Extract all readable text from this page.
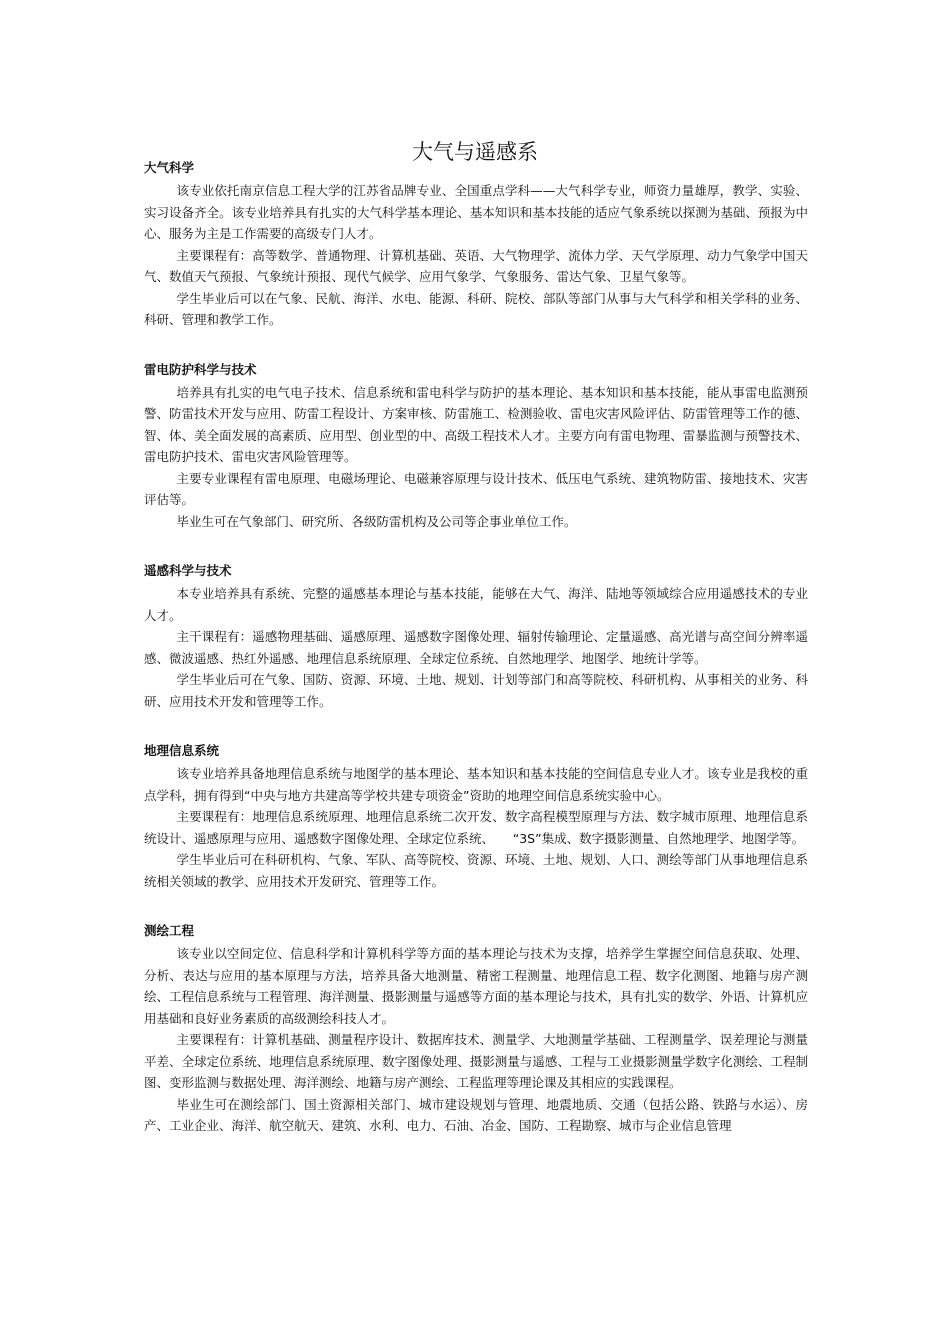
大气与遥感系
大气科学

该专业依托南京信息工程大学的江苏省品牌专业、全国重点学科——大气科学专业，师资力量雄厚，教学、实验、实习设备齐全。该专业培养具有扎实的大气科学基本理论、基本知识和基本技能的适应气象系统以探测为基础、预报为中心、服务为主是工作需要的高级专门人才。

主要课程有：高等数学、普通物理、计算机基础、英语、大气物理学、流体力学、天气学原理、动力气象学中国天气、数值天气预报、气象统计预报、现代气候学、应用气象学、气象服务、雷达气象、卫星气象等。

学生毕业后可以在气象、民航、海洋、水电、能源、科研、院校、部队等部门从事与大气科学和相关学科的业务、科研、管理和教学工作。

雷电防护科学与技术

培养具有扎实的电气电子技术、信息系统和雷电科学与防护的基本理论、基本知识和基本技能，能从事雷电监测预警、防雷技术开发与应用、防雷工程设计、方案审核、防雷施工、检测验收、雷电灾害风险评估、防雷管理等工作的德、智、体、美全面发展的高素质、应用型、创业型的中、高级工程技术人才。主要方向有雷电物理、雷暴监测与预警技术、雷电防护技术、雷电灾害风险管理等。

主要专业课程有雷电原理、电磁场理论、电磁兼容原理与设计技术、低压电气系统、建筑物防雷、接地技术、灾害评估等。

毕业生可在气象部门、研究所、各级防雷机构及公司等企事业单位工作。

遥感科学与技术

本专业培养具有系统、完整的遥感基本理论与基本技能，能够在大气、海洋、陆地等领域综合应用遥感技术的专业人才。

主干课程有：遥感物理基础、遥感原理、遥感数字图像处理、辐射传输理论、定量遥感、高光谱与高空间分辨率遥感、微波遥感、热红外遥感、地理信息系统原理、全球定位系统、自然地理学、地图学、地统计学等。

学生毕业后可在气象、国防、资源、环境、土地、规划、计划等部门和高等院校、科研机构、从事相关的业务、科研、应用技术开发和管理等工作。

地理信息系统

该专业培养具备地理信息系统与地图学的基本理论、基本知识和基本技能的空间信息专业人才。该专业是我校的重点学科，拥有得到“中央与地方共建高等学校共建专项资金”资助的地理空间信息系统实验中心。

主要课程有：地理信息系统原理、地理信息系统二次开发、数字高程模型原理与方法、数字城市原理、地理信息系统设计、遥感原理与应用、遥感数字图像处理、全球定位系统、　　“3S”集成、数字摄影测量、自然地理学、地图学等。

学生毕业后可在科研机构、气象、军队、高等院校、资源、环境、土地、规划、人口、测绘等部门从事地理信息系统相关领域的教学、应用技术开发研究、管理等工作。

测绘工程

该专业以空间定位、信息科学和计算机科学等方面的基本理论与技术为支撑，培养学生掌握空间信息获取、处理、分析、表达与应用的基本原理与方法，培养具备大地测量、精密工程测量、地理信息工程、数字化测图、地籍与房产测绘、工程信息系统与工程管理、海洋测量、摄影测量与遥感等方面的基本理论与技术，具有扎实的数学、外语、计算机应用基础和良好业务素质的高级测绘科技人才。

主要课程有：计算机基础、测量程序设计、数据库技术、测量学、大地测量学基础、工程测量学、误差理论与测量平差、全球定位系统、地理信息系统原理、数字图像处理、摄影测量与遥感、工程与工业摄影测量学数字化测绘、工程制图、变形监测与数据处理、海洋测绘、地籍与房产测绘、工程监理等理论课及其相应的实践课程。

毕业生可在测绘部门、国土资源相关部门、城市建设规划与管理、地震地质、交通（包括公路、铁路与水运）、房产、工业企业、海洋、航空航天、建筑、水利、电力、石油、冶金、国防、工程勘察、城市与企业信息管理
